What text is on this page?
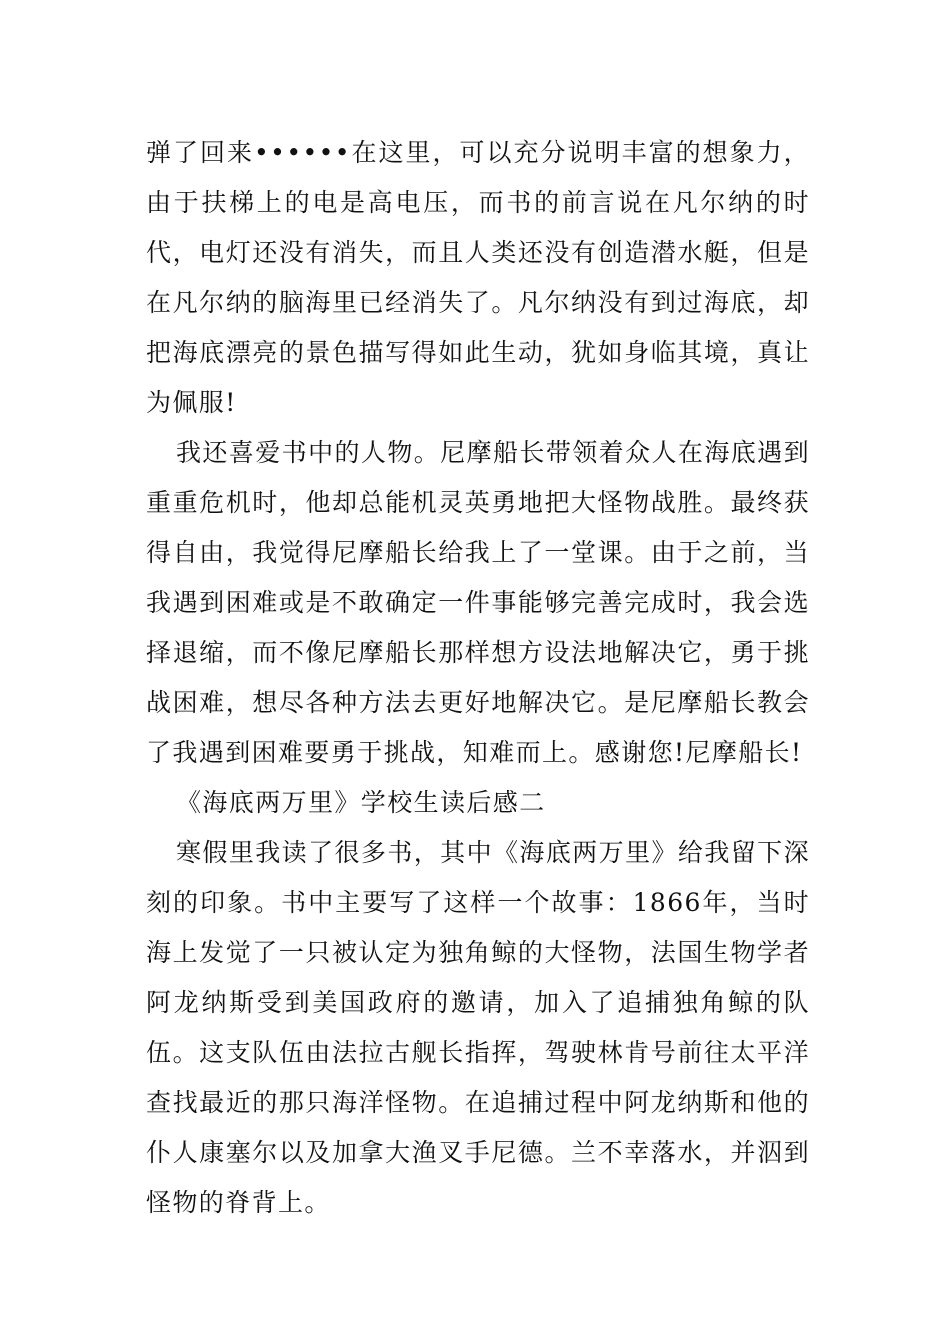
弹了回来••••••在这里，可以充分说明丰富的想象力，由于扶梯上的电是高电压，而书的前言说在凡尔纳的时代，电灯还没有消失，而且人类还没有创造潜水艇，但是在凡尔纳的脑海里已经消失了。凡尔纳没有到过海底，却把海底漂亮的景色描写得如此生动，犹如身临其境，真让为佩服!

我还喜爱书中的人物。尼摩船长带领着众人在海底遇到重重危机时，他却总能机灵英勇地把大怪物战胜。最终获得自由，我觉得尼摩船长给我上了一堂课。由于之前，当我遇到困难或是不敢确定一件事能够完善完成时，我会选择退缩，而不像尼摩船长那样想方设法地解决它，勇于挑战困难，想尽各种方法去更好地解决它。是尼摩船长教会了我遇到困难要勇于挑战，知难而上。感谢您!尼摩船长!

《海底两万里》学校生读后感二

寒假里我读了很多书，其中《海底两万里》给我留下深刻的印象。书中主要写了这样一个故事：1866年，当时海上发觉了一只被认定为独角鲸的大怪物，法国生物学者阿龙纳斯受到美国政府的邀请，加入了追捕独角鲸的队伍。这支队伍由法拉古舰长指挥，驾驶林肯号前往太平洋查找最近的那只海洋怪物。在追捕过程中阿龙纳斯和他的仆人康塞尔以及加拿大渔叉手尼德。兰不幸落水，并泅到怪物的脊背上。
